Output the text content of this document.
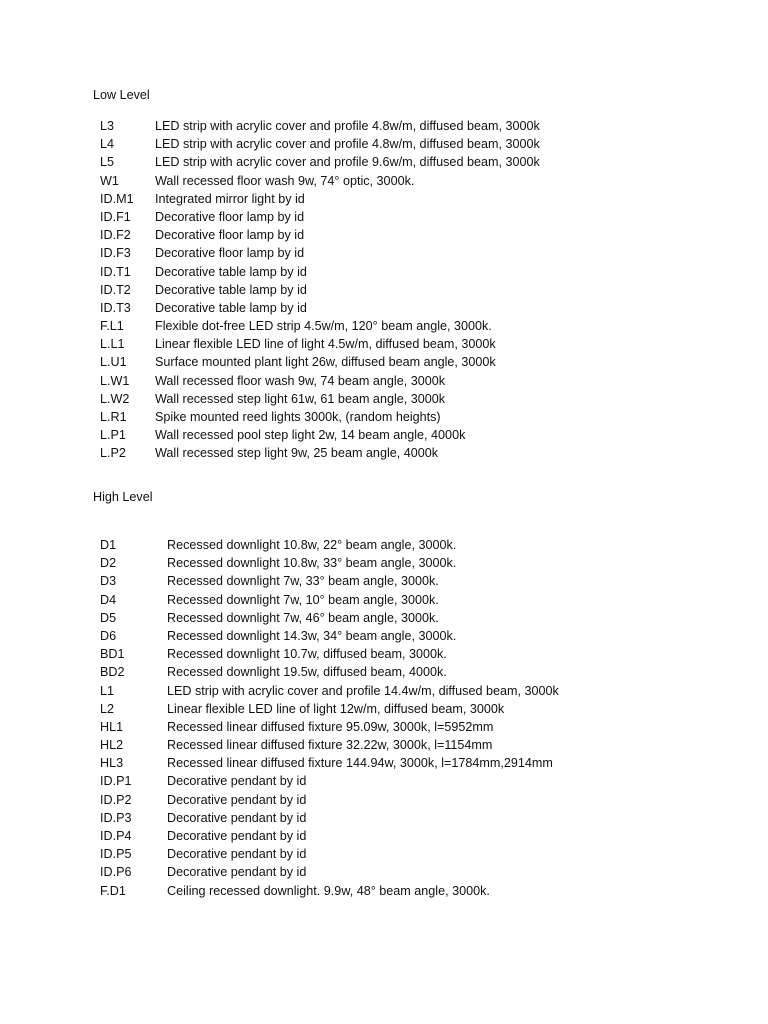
Low Level
L3	LED strip with acrylic cover and profile 4.8w/m, diffused beam, 3000k
L4	LED strip with acrylic cover and profile 4.8w/m, diffused beam, 3000k
L5	LED strip with acrylic cover and profile 9.6w/m, diffused beam, 3000k
W1	Wall recessed floor wash 9w, 74° optic, 3000k.
ID.M1 Integrated mirror light by id
ID.F1 Decorative floor lamp by id
ID.F2 Decorative floor lamp by id
ID.F3 Decorative floor lamp by id
ID.T1 Decorative table lamp by id
ID.T2 Decorative table lamp by id
ID.T3 Decorative table lamp by id
F.L1 Flexible dot-free LED strip 4.5w/m, 120° beam angle, 3000k.
L.L1 Linear flexible LED line of light 4.5w/m, diffused beam, 3000k
L.U1 Surface mounted plant light 26w, diffused beam angle, 3000k
L.W1 Wall recessed floor wash 9w, 74 beam angle, 3000k
L.W2 Wall recessed step light 61w, 61 beam angle, 3000k
L.R1 Spike mounted reed lights 3000k, (random heights)
L.P1 Wall recessed pool step light 2w, 14 beam angle, 4000k
L.P2 Wall recessed step light 9w, 25 beam angle, 4000k
High Level
D1	Recessed downlight 10.8w, 22° beam angle, 3000k.
D2	Recessed downlight 10.8w, 33° beam angle, 3000k.
D3	Recessed downlight 7w, 33° beam angle, 3000k.
D4	Recessed downlight 7w, 10° beam angle, 3000k.
D5	Recessed downlight 7w, 46° beam angle, 3000k.
D6	Recessed downlight 14.3w, 34° beam angle, 3000k.
BD1	Recessed downlight 10.7w, diffused beam, 3000k.
BD2	Recessed downlight 19.5w, diffused beam, 4000k.
L1	LED strip with acrylic cover and profile 14.4w/m, diffused beam, 3000k
L2	Linear flexible LED line of light 12w/m, diffused beam, 3000k
HL1	Recessed linear diffused fixture 95.09w, 3000k, l=5952mm
HL2	Recessed linear diffused fixture 32.22w, 3000k, l=1154mm
HL3	Recessed linear diffused fixture 144.94w, 3000k, l=1784mm,2914mm
ID.P1	Decorative pendant by id
ID.P2	Decorative pendant by id
ID.P3	Decorative pendant by id
ID.P4	Decorative pendant by id
ID.P5	Decorative pendant by id
ID.P6	Decorative pendant by id
F.D1	Ceiling recessed downlight. 9.9w, 48° beam angle, 3000k.
